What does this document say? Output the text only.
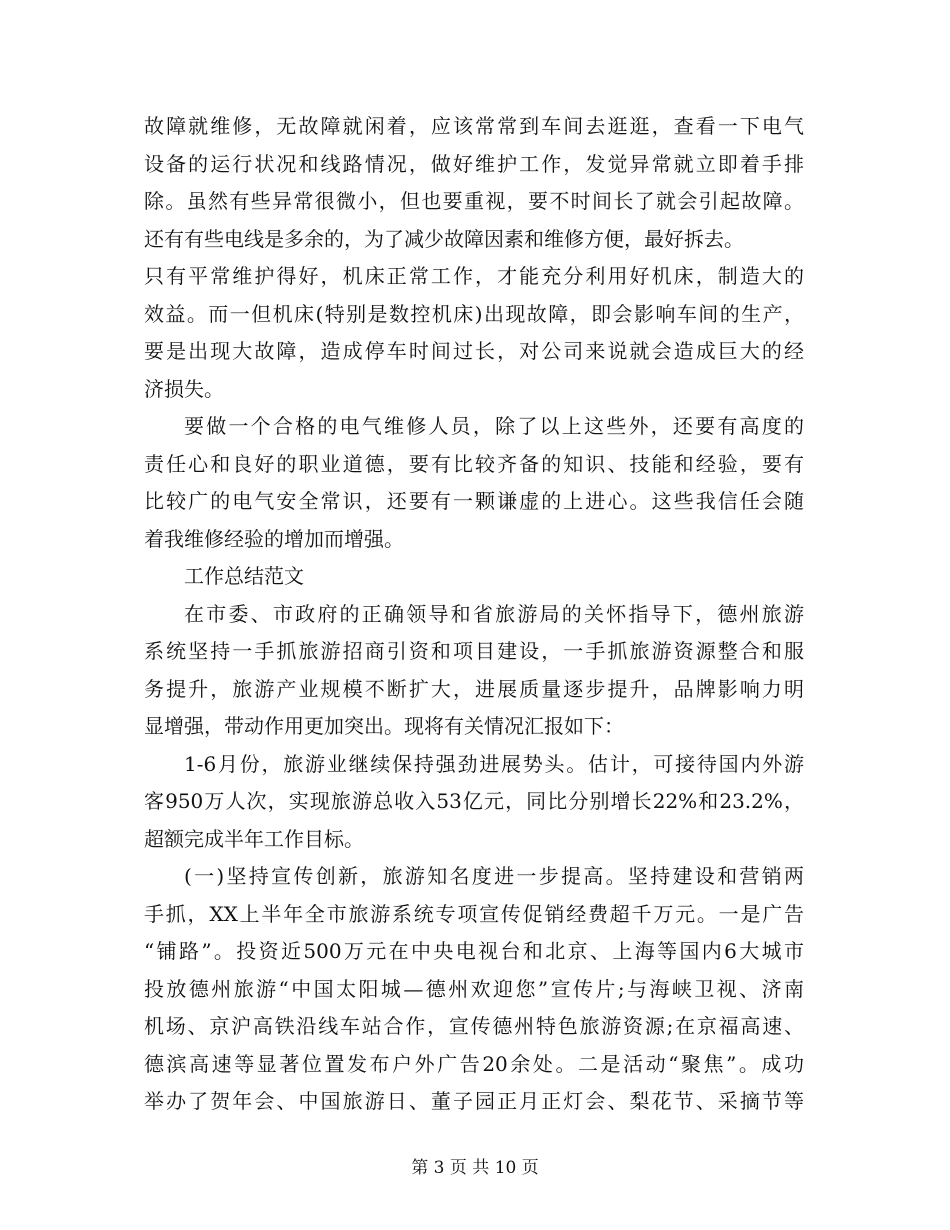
故障就维修，无故障就闲着，应该常常到车间去逛逛，查看一下电气
设备的运行状况和线路情况，做好维护工作，发觉异常就立即着手排
除。虽然有些异常很微小，但也要重视，要不时间长了就会引起故障。
还有有些电线是多余的，为了减少故障因素和维修方便，最好拆去。
只有平常维护得好，机床正常工作，才能充分利用好机床，制造大的
效益。而一但机床(特别是数控机床)出现故障，即会影响车间的生产，
要是出现大故障，造成停车时间过长，对公司来说就会造成巨大的经
济损失。
要做一个合格的电气维修人员，除了以上这些外，还要有高度的
责任心和良好的职业道德，要有比较齐备的知识、技能和经验，要有
比较广的电气安全常识，还要有一颗谦虚的上进心。这些我信任会随
着我维修经验的增加而增强。
工作总结范文
在市委、市政府的正确领导和省旅游局的关怀指导下，德州旅游
系统坚持一手抓旅游招商引资和项目建设，一手抓旅游资源整合和服
务提升，旅游产业规模不断扩大，进展质量逐步提升，品牌影响力明
显增强，带动作用更加突出。现将有关情况汇报如下：
1-6月份，旅游业继续保持强劲进展势头。估计，可接待国内外游
客950万人次，实现旅游总收入53亿元，同比分别增长22%和23.2%，
超额完成半年工作目标。
(一)坚持宣传创新，旅游知名度进一步提高。坚持建设和营销两
手抓，XX上半年全市旅游系统专项宣传促销经费超千万元。一是广告
“铺路”。投资近500万元在中央电视台和北京、上海等国内6大城市
投放德州旅游“中国太阳城—德州欢迎您”宣传片;与海峡卫视、济南
机场、京沪高铁沿线车站合作，宣传德州特色旅游资源;在京福高速、
德滨高速等显著位置发布户外广告20余处。二是活动“聚焦”。成功
举办了贺年会、中国旅游日、董子园正月正灯会、梨花节、采摘节等
第 3 页 共 10 页
